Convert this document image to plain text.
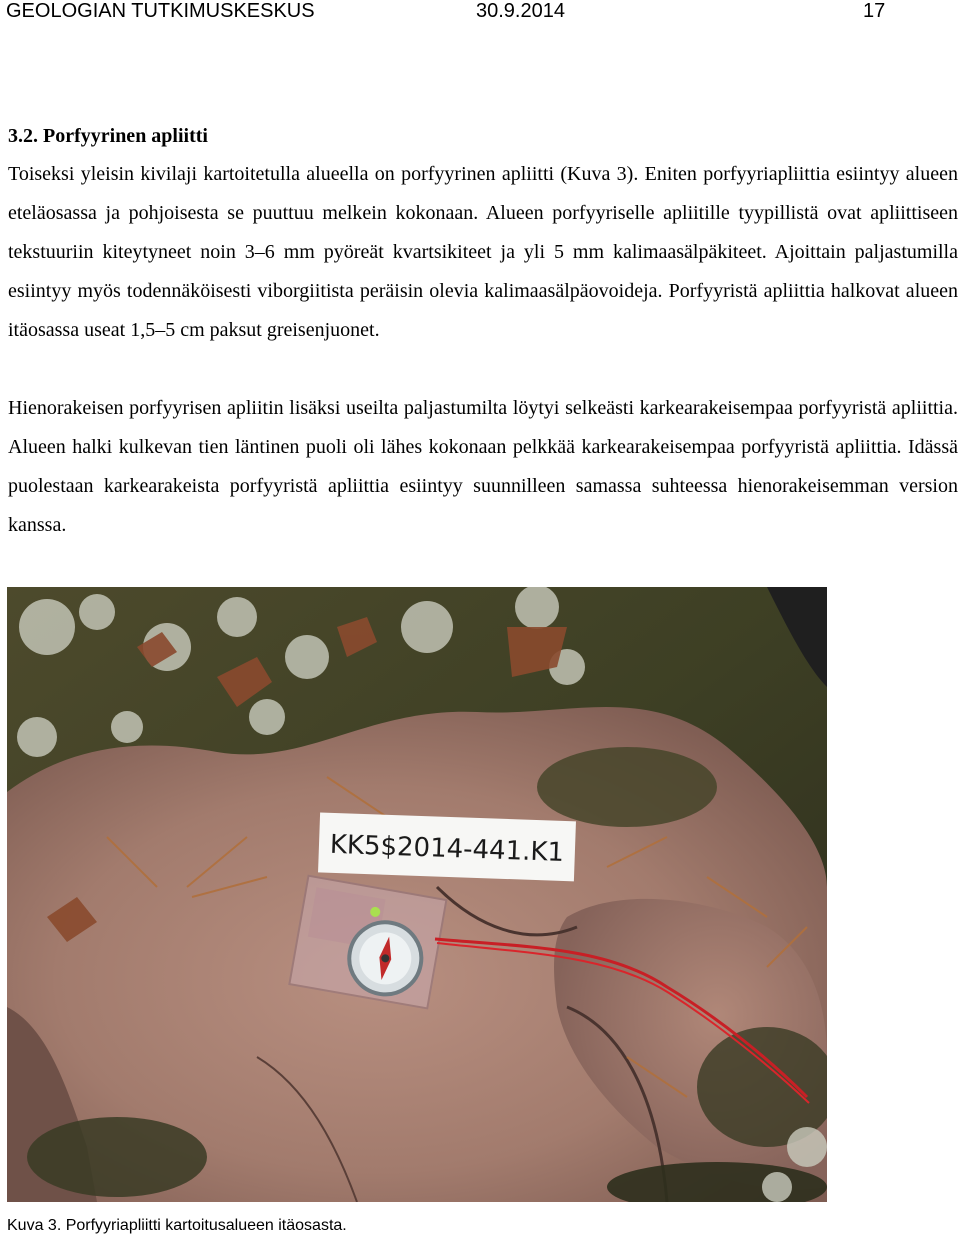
GEOLOGIAN TUTKIMUSKESKUS	30.9.2014	17
3.2. Porfyyrinen apliitti
Toiseksi yleisin kivilaji kartoitetulla alueella on porfyyrinen apliitti (Kuva 3). Eniten porfyyriapliittia esiintyy alueen eteläosassa ja pohjoisesta se puuttuu melkein kokonaan. Alueen porfyyriselle apliitille tyypillistä ovat apliittiseen tekstuuriin kiteytyneet noin 3–6 mm pyöreät kvartsikiteet ja yli 5 mm kalimaasälpäkiteet. Ajoittain paljastumilla esiintyy myös todennäköisesti viborgiitista peräisin olevia kalimaasälpäovoideja. Porfyyristä apliittia halkovat alueen itäosassa useat 1,5–5 cm paksut greisenjuonet.
Hienorakeisen porfyyrisen apliitin lisäksi useilta paljastumilta löytyi selkeästi karkearakeisempaa porfyyristä apliittia. Alueen halki kulkevan tien läntinen puoli oli lähes kokonaan pelkkää karkearakeisempaa porfyyristä apliittia. Idässä puolestaan karkearakeista porfyyristä apliittia esiintyy suunnilleen samassa suhteessa hienorakeisemman version kanssa.
KK5$2014-441.K1
Kuva 3. Porfyyriapliitti kartoitusalueen itäosasta.
